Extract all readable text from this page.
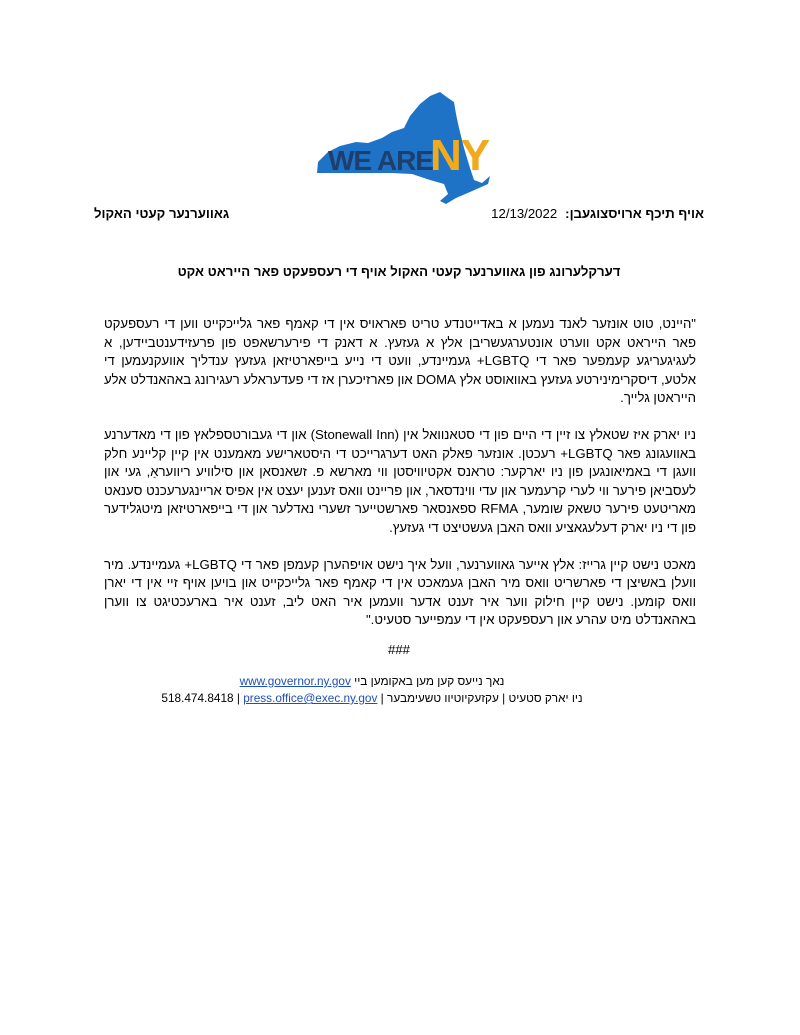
WE ARE
NY
אויף תיכף ארויסצוגעבן:12/13/2022
גאווערנער קעטי האקול
דערקלערונג פון גאווערנער קעטי האקול אויף די רעספעקט פאר הייראט אקט

"היינט, טוט אונזער לאנד נעמען א באדייטנדע טריט פאראויס אין די קאמף פאר גלייכקייט ווען די רעספעקט פאר הייראט אקט ווערט אונטערגעשריבן אלץ א געזעץ. א דאנק די פירערשאפט פון פרעזידענטביידען, א לעגיגעריגע קעמפער פאר די LGBTQ+ געמיינדע, וועט די נייע בייפארטיזאן געזעץ ענדליך אוועקנעמען די אלטע, דיסקרימינירטע געזעץ באוואוסט אלץ DOMA און פארזיכערן אז די פעדעראלע רעגירונג באהאנדלט אלע הייראטן גלייך.

ניו יארק איז שטאלץ צו זיין די היים פון די סטאנוואל אין (Stonewall Inn) און די געבורטספלאץ פון די מאדערנע באוועגונג פאר LGBTQ+ רעכטן. אונזער פאלק האט דערגרייכט די היסטארישע מאמענט אין קיין קליינע חלק וועגן די באמיאונגען פון ניו יארקער: טראנס אקטיוויסטן ווי מארשא פ. זשאנסאן און סילוויע ריוועראַ, געי און לעסביאן פירער ווי לערי קרעמער און עדי ווינדסאר, און פריינט וואס זענען יעצט אין אפיס אריינגערעכנט סענאט מאריטעט פירער טשאק שומער, RFMA ספאנסאר פארשטייער זשערי נאדלער און די בייפארטיזאן מיטגלידער פון די ניו יארק דעלעגאציע וואס האבן געשטיצט די געזעץ.

מאכט נישט קיין גרייז: אלץ אייער גאווערנער, וועל איך נישט אויפהערן קעמפן פאר די LGBTQ+ געמיינדע. מיר וועלן באשיצן די פארשריט וואס מיר האבן געמאכט אין די קאמף פאר גלייכקייט און בויען אויף זיי אין די יארן וואס קומען. נישט קיין חילוק ווער איר זענט אדער וועמען איר האט ליב, זענט איר בארעכטיגט צו ווערן באהאנדלט מיט עהרע און רעספעקט אין די עמפייער סטעיט."

###
נאך נייעס קען מען באקומען ביי www.governor.ny.gov
ניו יארק סטעיט | עקזעקיוטיוו טשעימבער | press.office@exec.ny.gov | 518.474.8418
